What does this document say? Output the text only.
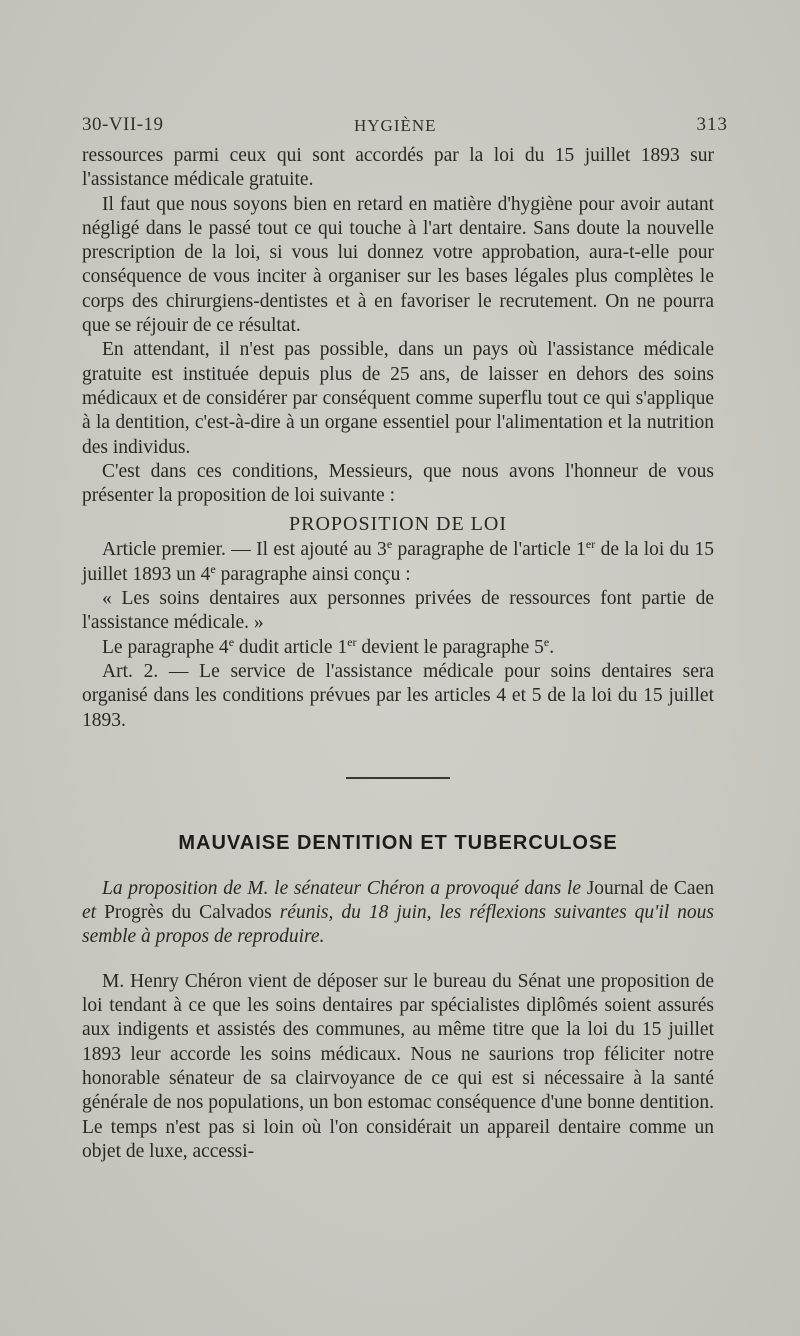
30-VII-19	HYGIÈNE	313

ressources parmi ceux qui sont accordés par la loi du 15 juillet 1893 sur l'assistance médicale gratuite.

Il faut que nous soyons bien en retard en matière d'hygiène pour avoir autant négligé dans le passé tout ce qui touche à l'art dentaire. Sans doute la nouvelle prescription de la loi, si vous lui donnez votre approbation, aura-t-elle pour conséquence de vous inciter à organiser sur les bases légales plus complètes le corps des chirurgiens-dentistes et à en favoriser le recrutement. On ne pourra que se réjouir de ce résultat.

En attendant, il n'est pas possible, dans un pays où l'assistance médicale gratuite est instituée depuis plus de 25 ans, de laisser en dehors des soins médicaux et de considérer par conséquent comme superflu tout ce qui s'applique à la dentition, c'est-à-dire à un organe essentiel pour l'alimentation et la nutrition des individus.

C'est dans ces conditions, Messieurs, que nous avons l'honneur de vous présenter la proposition de loi suivante :

PROPOSITION DE LOI

Article premier. — Il est ajouté au 3e paragraphe de l'article 1er de la loi du 15 juillet 1893 un 4e paragraphe ainsi conçu :

« Les soins dentaires aux personnes privées de ressources font partie de l'assistance médicale. »

Le paragraphe 4e dudit article 1er devient le paragraphe 5e.

Art. 2. — Le service de l'assistance médicale pour soins dentaires sera organisé dans les conditions prévues par les articles 4 et 5 de la loi du 15 juillet 1893.

MAUVAISE DENTITION ET TUBERCULOSE

La proposition de M. le sénateur Chéron a provoqué dans le Journal de Caen et Progrès du Calvados réunis, du 18 juin, les réflexions suivantes qu'il nous semble à propos de reproduire.

M. Henry Chéron vient de déposer sur le bureau du Sénat une proposition de loi tendant à ce que les soins dentaires par spécialistes diplômés soient assurés aux indigents et assistés des communes, au même titre que la loi du 15 juillet 1893 leur accorde les soins médicaux. Nous ne saurions trop féliciter notre honorable sénateur de sa clairvoyance de ce qui est si nécessaire à la santé générale de nos populations, un bon estomac conséquence d'une bonne dentition. Le temps n'est pas si loin où l'on considérait un appareil dentaire comme un objet de luxe, accessi-
